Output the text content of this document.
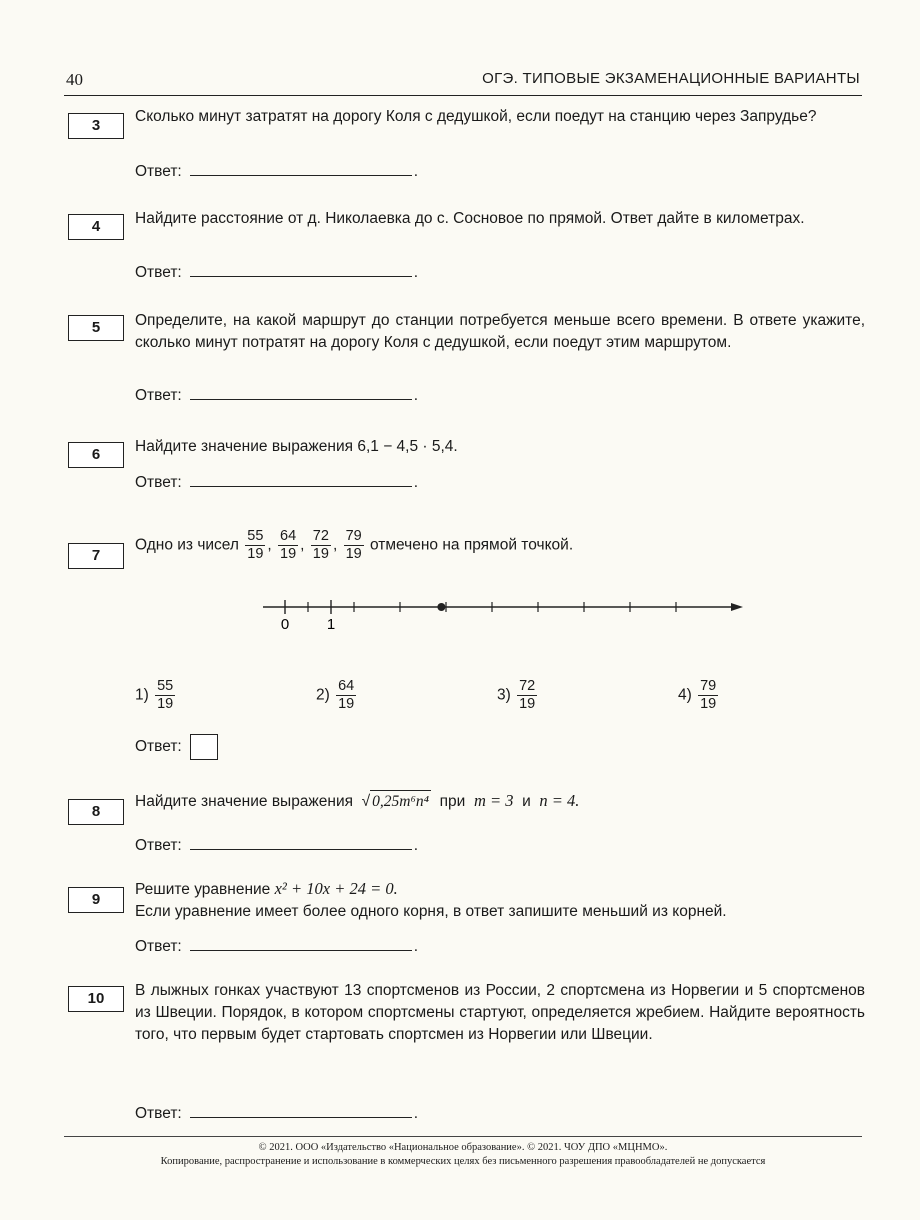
40	ОГЭ. ТИПОВЫЕ ЭКЗАМЕНАЦИОННЫЕ ВАРИАНТЫ
3
Сколько минут затратят на дорогу Коля с дедушкой, если поедут на станцию через Запрудье?
Ответ:	.
4	Найдите расстояние от д. Николаевка до с. Сосновое по прямой. Ответ дайте в километрах.
Ответ:	.
5	Определите, на какой маршрут до станции потребуется меньше всего времени. В ответе укажите, сколько минут потратят на дорогу Коля с дедушкой, если поедут этим маршрутом.
Ответ:	.
6	Найдите значение выражения 6,1 − 4,5 · 5,4.
Ответ:	.
7
Одно из чисел $\frac{55}{19}$ , $\frac{64}{19}$ , $\frac{72}{19}$ , $\frac{79}{19}$ отмечено на прямой точкой.
0	1
$1) \frac{55}{19}$	$2) \frac{64}{19}$	$3) \frac{72}{19}$	$4) \frac{79}{19}$
Ответ:
8
Найдите значение выражения  √ 0,25m⁶n⁴ при m = 3 и n = 4.
Ответ:	.
9
Решите уравнение x² + 10x + 24 = 0.
Если уравнение имеет более одного корня, в ответ запишите меньший из корней.
Ответ:	.
10	В лыжных гонках участвуют 13 спортсменов из России, 2 спортсмена из Норвегии и 5 спортсменов из Швеции. Порядок, в котором спортсмены стартуют, определяется жребием. Найдите вероятность того, что первым будет стартовать спортсмен из Норвегии или Швеции.
Ответ:	.
© 2021. ООО «Издательство «Национальное образование». © 2021. ЧОУ ДПО «МЦНМО».
Копирование, распространение и использование в коммерческих целях без письменного разрешения правообладателей не допускается
